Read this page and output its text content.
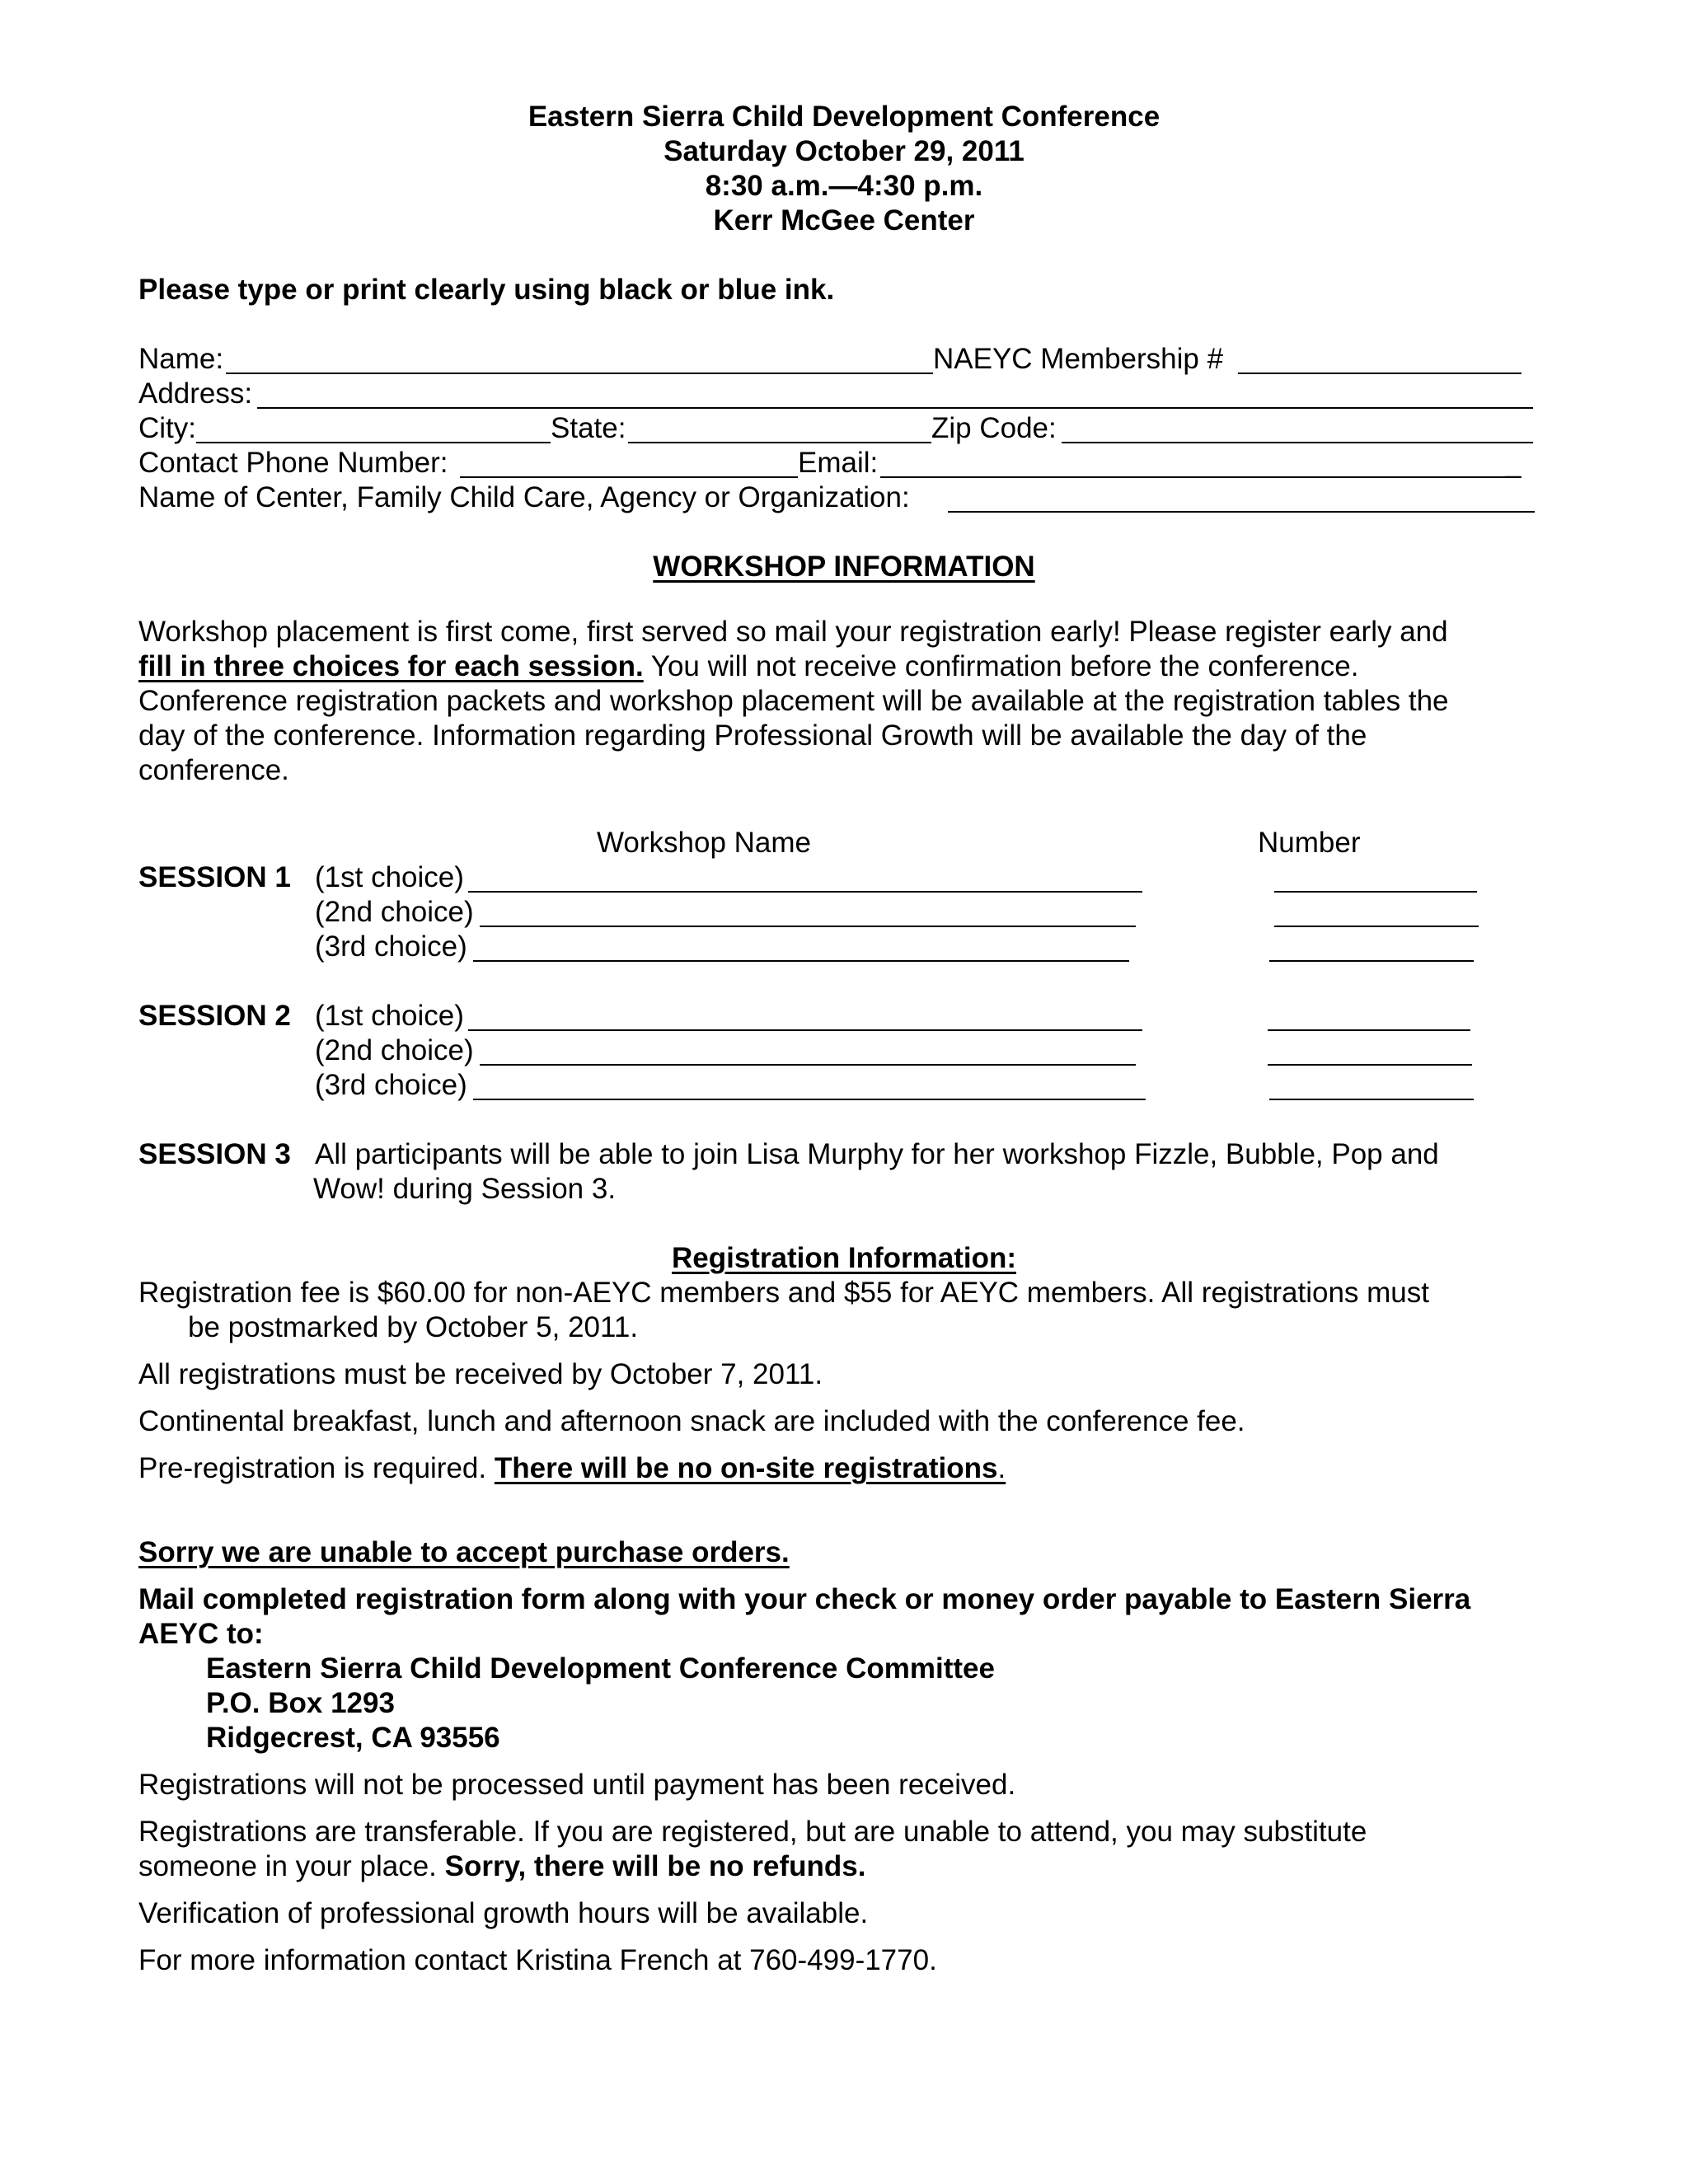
Eastern Sierra Child Development Conference
Saturday October 29, 2011
8:30 a.m.—4:30 p.m.
Kerr McGee Center
Please type or print clearly using black or blue ink.
Name:	NAEYC Membership #
Address:
City:	State:	Zip Code:
Contact Phone Number:	Email:	_
Name of Center, Family Child Care, Agency or Organization:
WORKSHOP INFORMATION
Workshop placement is first come, first served so mail your registration early! Please register early and
fill in three choices for each session. You will not receive confirmation before the conference.
Conference registration packets and workshop placement will be available at the registration tables the
day of the conference. Information regarding Professional Growth will be available the day of the
conference.
Workshop Name	Number
SESSION 1 (1st choice)
(2nd choice)
(3rd choice)
SESSION 2 (1st choice)
(2nd choice)
(3rd choice)
SESSION 3 All participants will be able to join Lisa Murphy for her workshop Fizzle, Bubble, Pop and
Wow! during Session 3.
Registration Information:
Registration fee is $60.00 for non-AEYC members and $55 for AEYC members. All registrations must
be postmarked by October 5, 2011.
All registrations must be received by October 7, 2011.
Continental breakfast, lunch and afternoon snack are included with the conference fee.
Pre-registration is required. There will be no on-site registrations.
Sorry we are unable to accept purchase orders.
Mail completed registration form along with your check or money order payable to Eastern Sierra
AEYC to:
Eastern Sierra Child Development Conference Committee
P.O. Box 1293
Ridgecrest, CA 93556
Registrations will not be processed until payment has been received.
Registrations are transferable. If you are registered, but are unable to attend, you may substitute
someone in your place. Sorry, there will be no refunds.
Verification of professional growth hours will be available.
For more information contact Kristina French at 760-499-1770.
